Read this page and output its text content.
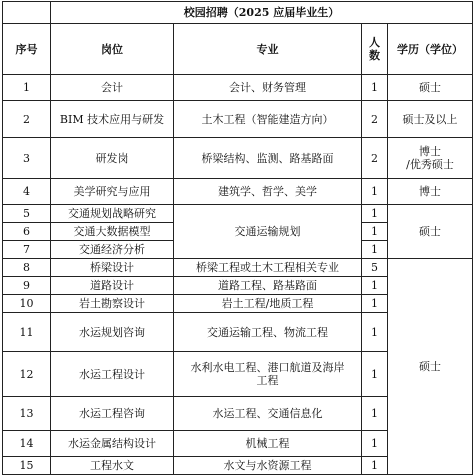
	校园招聘（2025 应届毕业生）			
序号	岗位	专业	人
数	学历（学位）
1	会计	会计、财务管理	1	硕士
2	BIM 技术应用与研发	土木工程（智能建造方向）	2	硕士及以上
3	研发岗	桥梁结构、监测、路基路面	2	博士
/优秀硕士

4	美学研究与应用	建筑学、哲学、美学	1	博士
5	交通规划战略研究	交通运输规划	1	硕士
6	交通大数据模型		1	
7	交通经济分析		1	
8	桥梁设计	桥梁工程或土木工程相关专业	5	硕士
9	道路设计	道路工程、路基路面	1	
10	岩土勘察设计	岩土工程/地质工程	1	
11	水运规划咨询	交通运输工程、物流工程	1	
12	水运工程设计	水利水电工程、港口航道及海岸
工程	1	
13	水运工程咨询	水运工程、交通信息化	1	
14	水运金属结构设计	机械工程	1	
15	工程水文	水文与水资源工程	1	
